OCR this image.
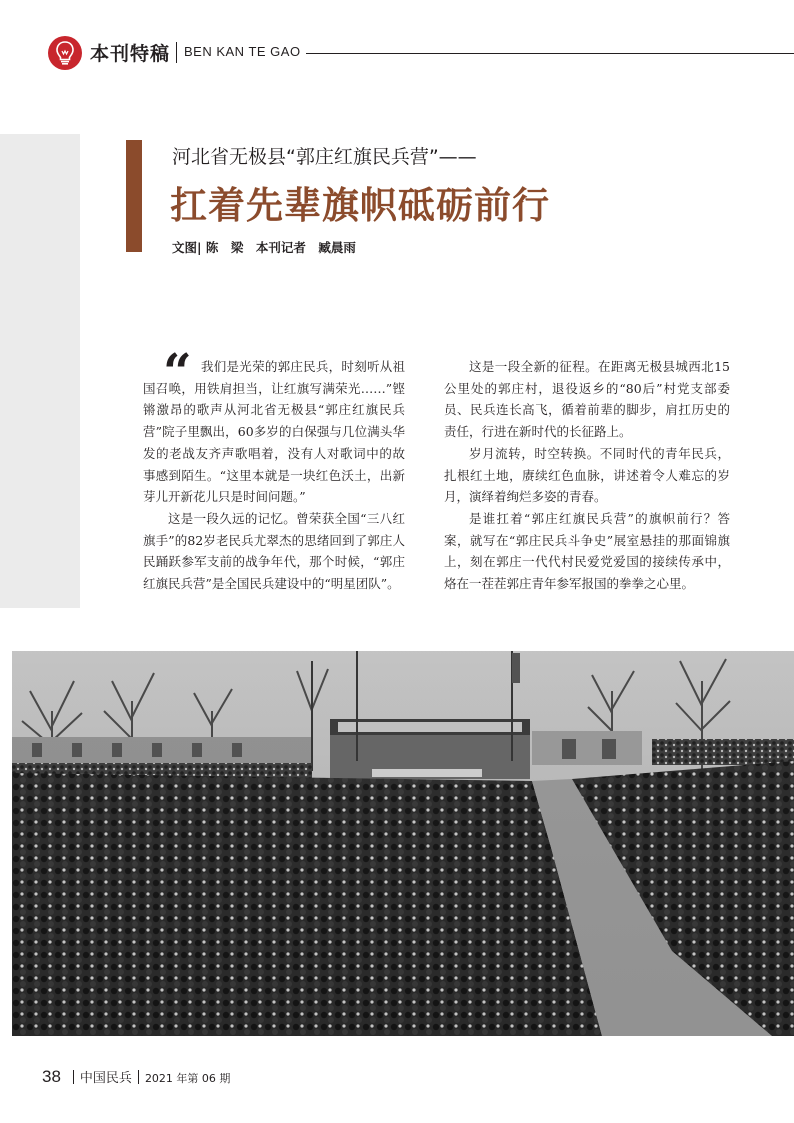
本刊特稿 BEN KAN TE GAO
河北省无极县“郭庄红旗民兵营”——
扛着先辈旗帜砥砺前行
文图| 陈　梁　本刊记者　臧晨雨
“ 我们是光荣的郭庄民兵，时刻听从祖国召唤，用铁肩担当，让红旗写满荣光……”铿锵激昂的歌声从河北省无极县“郭庄红旗民兵营”院子里飘出，60多岁的白保强与几位满头华发的老战友齐声歌唱着，没有人对歌词中的故事感到陌生。“这里本就是一块红色沃土，出新芽儿开新花儿只是时间问题。”

这是一段久远的记忆。曾荣获全国“三八红旗手”的82岁老民兵尤翠杰的思绪回到了郭庄人民踊跃参军支前的战争年代，那个时候，“郭庄红旗民兵营”是全国民兵建设中的“明星团队”。

这是一段全新的征程。在距离无极县城西北15公里处的郭庄村，退役返乡的“80后”村党支部委员、民兵连长高飞，循着前辈的脚步，肩扛历史的责任，行进在新时代的长征路上。

岁月流转，时空转换。不同时代的青年民兵，扎根红土地，赓续红色血脉，讲述着令人难忘的岁月，演绎着绚烂多姿的青春。

是谁扛着“郭庄红旗民兵营”的旗帜前行？答案，就写在“郭庄民兵斗争史”展室悬挂的那面锦旗上，刻在郭庄一代代村民爱党爱国的接续传承中，烙在一茬茬郭庄青年参军报国的拳拳之心里。

38 中国民兵 2021 年第 06 期
